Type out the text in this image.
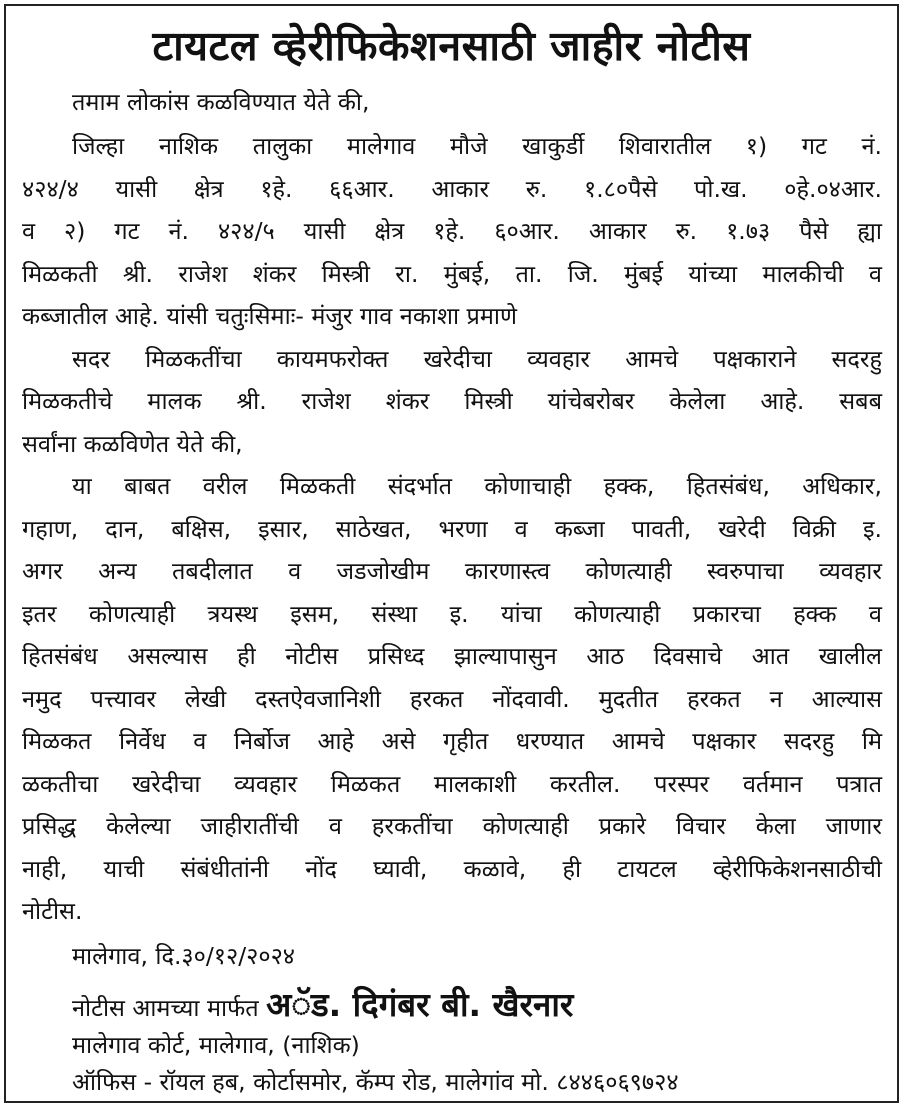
टायटल व्हेरीफिकेशनसाठी जाहीर नोटीस
तमाम लोकांस कळविण्यात येते की,
जिल्हा नाशिक तालुका मालेगाव मौजे खाकुर्डी शिवारातील १) गट नं.
४२४/४ यासी क्षेत्र १हे. ६६आर. आकार रु. १.८०पैसे पो.ख. ०हे.०४आर.
व २) गट नं. ४२४/५ यासी क्षेत्र १हे. ६०आर. आकार रु. १.७३ पैसे ह्या
मिळकती श्री. राजेश शंकर मिस्त्री रा. मुंबई, ता. जि. मुंबई यांच्या मालकीची व
कब्जातील आहे. यांसी चतुःसिमाः- मंजुर गाव नकाशा प्रमाणे
सदर मिळकतींचा कायमफरोक्त खरेदीचा व्यवहार आमचे पक्षकाराने सदरहु
मिळकतीचे मालक श्री. राजेश शंकर मिस्त्री यांचेबरोबर केलेला आहे. सबब
सर्वांना कळविणेत येते की,
या बाबत वरील मिळकती संदर्भात कोणाचाही हक्क, हितसंबंध, अधिकार,
गहाण, दान, बक्षिस, इसार, साठेखत, भरणा व कब्जा पावती, खरेदी विक्री इ.
अगर अन्य तबदीलात व जडजोखीम कारणास्त्व कोणत्याही स्वरुपाचा व्यवहार
इतर कोणत्याही त्रयस्थ इसम, संस्था इ. यांचा कोणत्याही प्रकारचा हक्क व
हितसंबंध असल्यास ही नोटीस प्रसिध्द झाल्यापासुन आठ दिवसाचे आत खालील
नमुद पत्त्यावर लेखी दस्तऐवजानिशी हरकत नोंदवावी. मुदतीत हरकत न आल्यास
मिळकत निर्वेध व निर्बोज आहे असे गृहीत धरण्यात आमचे पक्षकार सदरहु मि
ळकतीचा खरेदीचा व्यवहार मिळकत मालकाशी करतील. परस्पर वर्तमान पत्रात
प्रसिद्ध केलेल्या जाहीरातींची व हरकतींचा कोणत्याही प्रकारे विचार केला जाणार
नाही, याची संबंधीतांनी नोंद घ्यावी, कळावे, ही टायटल व्हेरीफिकेशनसाठीची
नोटीस.
मालेगाव, दि.३०/१२/२०२४
नोटीस आमच्या मार्फत अॅड. दिगंबर बी. खैरनार
मालेगाव कोर्ट, मालेगाव, (नाशिक)
ऑफिस - रॉयल हब, कोर्टासमोर, कॅम्प रोड, मालेगांव मो. ८४४६०६९७२४
